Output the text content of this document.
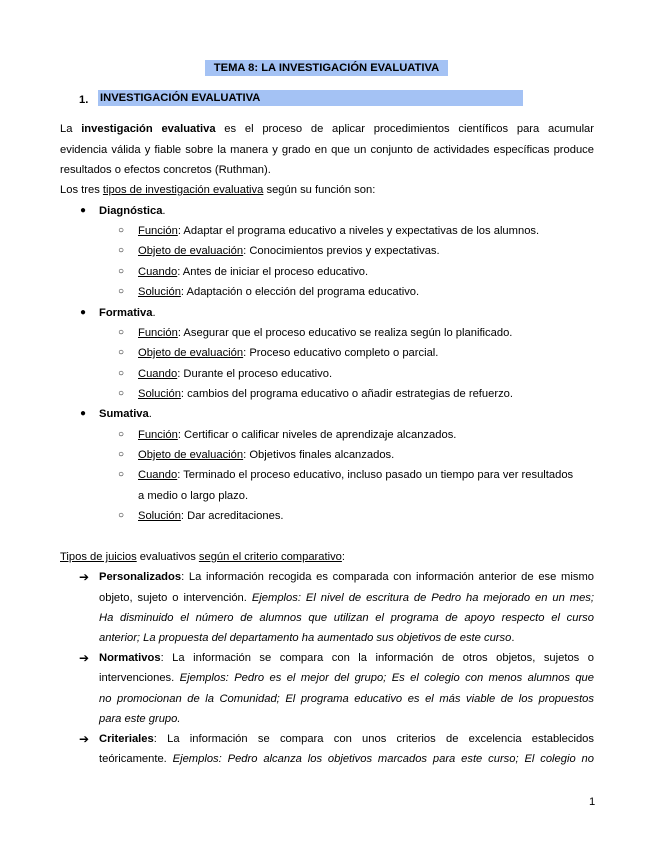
TEMA 8: LA INVESTIGACIÓN EVALUATIVA
1. INVESTIGACIÓN EVALUATIVA
La investigación evaluativa es el proceso de aplicar procedimientos científicos para acumular
evidencia válida y fiable sobre la manera y grado en que un conjunto de actividades específicas produce
resultados o efectos concretos (Ruthman).
Los tres tipos de investigación evaluativa según su función son:
● Diagnóstica.
○ Función: Adaptar el programa educativo a niveles y expectativas de los alumnos.
○ Objeto de evaluación: Conocimientos previos y expectativas.
○ Cuando: Antes de iniciar el proceso educativo.
○ Solución: Adaptación o elección del programa educativo.
● Formativa.
○ Función: Asegurar que el proceso educativo se realiza según lo planificado.
○ Objeto de evaluación: Proceso educativo completo o parcial.
○ Cuando: Durante el proceso educativo.
○ Solución: cambios del programa educativo o añadir estrategias de refuerzo.
● Sumativa.
○ Función: Certificar o calificar niveles de aprendizaje alcanzados.
○ Objeto de evaluación: Objetivos finales alcanzados.
○ Cuando: Terminado el proceso educativo, incluso pasado un tiempo para ver resultados
a medio o largo plazo.
○ Solución: Dar acreditaciones.
Tipos de juicios evaluativos según el criterio comparativo:
➔ Personalizados: La información recogida es comparada con información anterior de ese mismo
objeto, sujeto o intervención. Ejemplos: El nivel de escritura de Pedro ha mejorado en un mes;
Ha disminuido el número de alumnos que utilizan el programa de apoyo respecto el curso
anterior; La propuesta del departamento ha aumentado sus objetivos de este curso.
➔ Normativos: La información se compara con la información de otros objetos, sujetos o
intervenciones. Ejemplos: Pedro es el mejor del grupo; Es el colegio con menos alumnos que
no promocionan de la Comunidad; El programa educativo es el más viable de los propuestos
para este grupo.
➔ Criteriales: La información se compara con unos criterios de excelencia establecidos
teóricamente. Ejemplos: Pedro alcanza los objetivos marcados para este curso; El colegio no
1
